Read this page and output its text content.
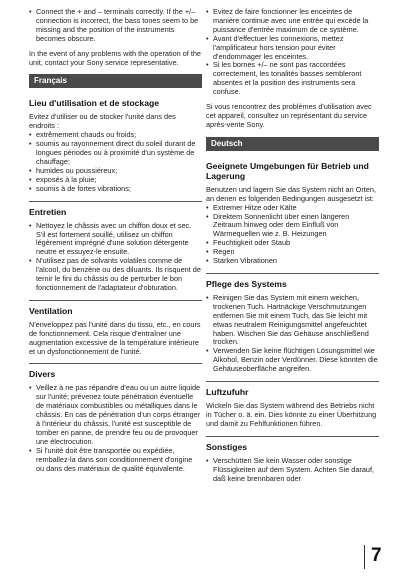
• Connect the + and – terminals correctly. If the +/– connection is incorrect, the bass tones seem to be missing and the position of the instruments becomes obscure.

In the event of any problems with the operation of the unit, contact your Sony service representative.

Français
Lieu d'utilisation et de stockage

Evitez d'utiliser ou de stocker l'unité dans des endroits :

• extrêmement chauds ou froids;
• soumis au rayonnement direct du soleil durant de longues périodes ou à proximité d'un système de chauffage;
• humides ou poussiéreux;
• exposés à la pluie;
• soumis à de fortes vibrations;
Entretien
• Nettoyez le châssis avec un chiffon doux et sec. S'il est fortement souillé, utilisez un chiffon légèrement imprégné d'une solution détergente neutre et essuyez-le ensuite.
• N'utilisez pas de solvants volatiles comme de l'alcool, du benzène ou des diluants. Ils risquent de ternir le fini du châssis ou de perturber le bon fonctionnement de l'adaptateur d'obturation.
Ventilation

N'enveloppez pas l'unité dans du tissu, etc., en cours de fonctionnement. Cela risque d'entraîner une augmentation excessive de la température intérieure et un dysfonctionnement de l'unité.

Divers
• Veillez à ne pas répandre d'eau ou un autre liquide sur l'unité; prévenez toute pénétration éventuelle de matériaux combustibles ou métalliques dans le châssis. En cas de pénétration d'un corps étranger à l'intérieur du châssis, l'unité est susceptible de tomber en panne, de prendre feu ou de provoquer une électrocution.
• Si l'unité doit être transportée ou expédiée, remballez-la dans son conditionnement d'origine ou dans des matériaux de qualité équivalente.
• Evitez de faire fonctionner les enceintes de manière continue avec une entrée qui excède la puissance d'entrée maximum de ce système.
• Avant d'effectuer les connexions, mettez l'amplificateur hors tension pour éviter d'endommager les enceintes.
• Si les bornes +/– ne sont pas raccordées correctement, les tonalités basses sembleront absentes et la position des instruments sera confuse.

Si vous rencontrez des problèmes d'utilisation avec cet appareil, consultez un représentant du service après-vente Sony.

Deutsch
Geeignete Umgebungen für Betrieb und Lagerung

Benutzen und lagern Sie das System nicht an Orten, an denen es folgenden Bedingungen ausgesetzt ist:

• Extremer Hitze oder Kälte
• Direktem Sonnenlicht über einen längeren Zeitraum hinweg oder dem Einfluß von Wärmequellen wie z. B. Heizungen
• Feuchtigkeit oder Staub
• Regen
• Starken Vibrationen
Pflege des Systems
• Reinigen Sie das System mit einem weichen, trockenen Tuch. Hartnäckige Verschmutzungen entfernen Sie mit einem Tuch, das Sie leicht mit etwas neutralem Reinigungsmittel angefeuchtet haben. Wischen Sie das Gehäuse anschließend trocken.
• Verwenden Sie keine flüchtigen Lösungsmittel wie Alkohol, Benzin oder Verdünner. Diese könnten die Gehäuseoberfläche angreifen.
Luftzufuhr

Wickeln Sie das System während des Betriebs nicht in Tücher o. ä. ein. Dies könnte zu einer Überhitzung und damit zu Fehlfunktionen führen.

Sonstiges
• Verschütten Sie kein Wasser oder sonstige Flüssigkeiten auf dem System. Achten Sie darauf, daß keine brennbaren oder
7
